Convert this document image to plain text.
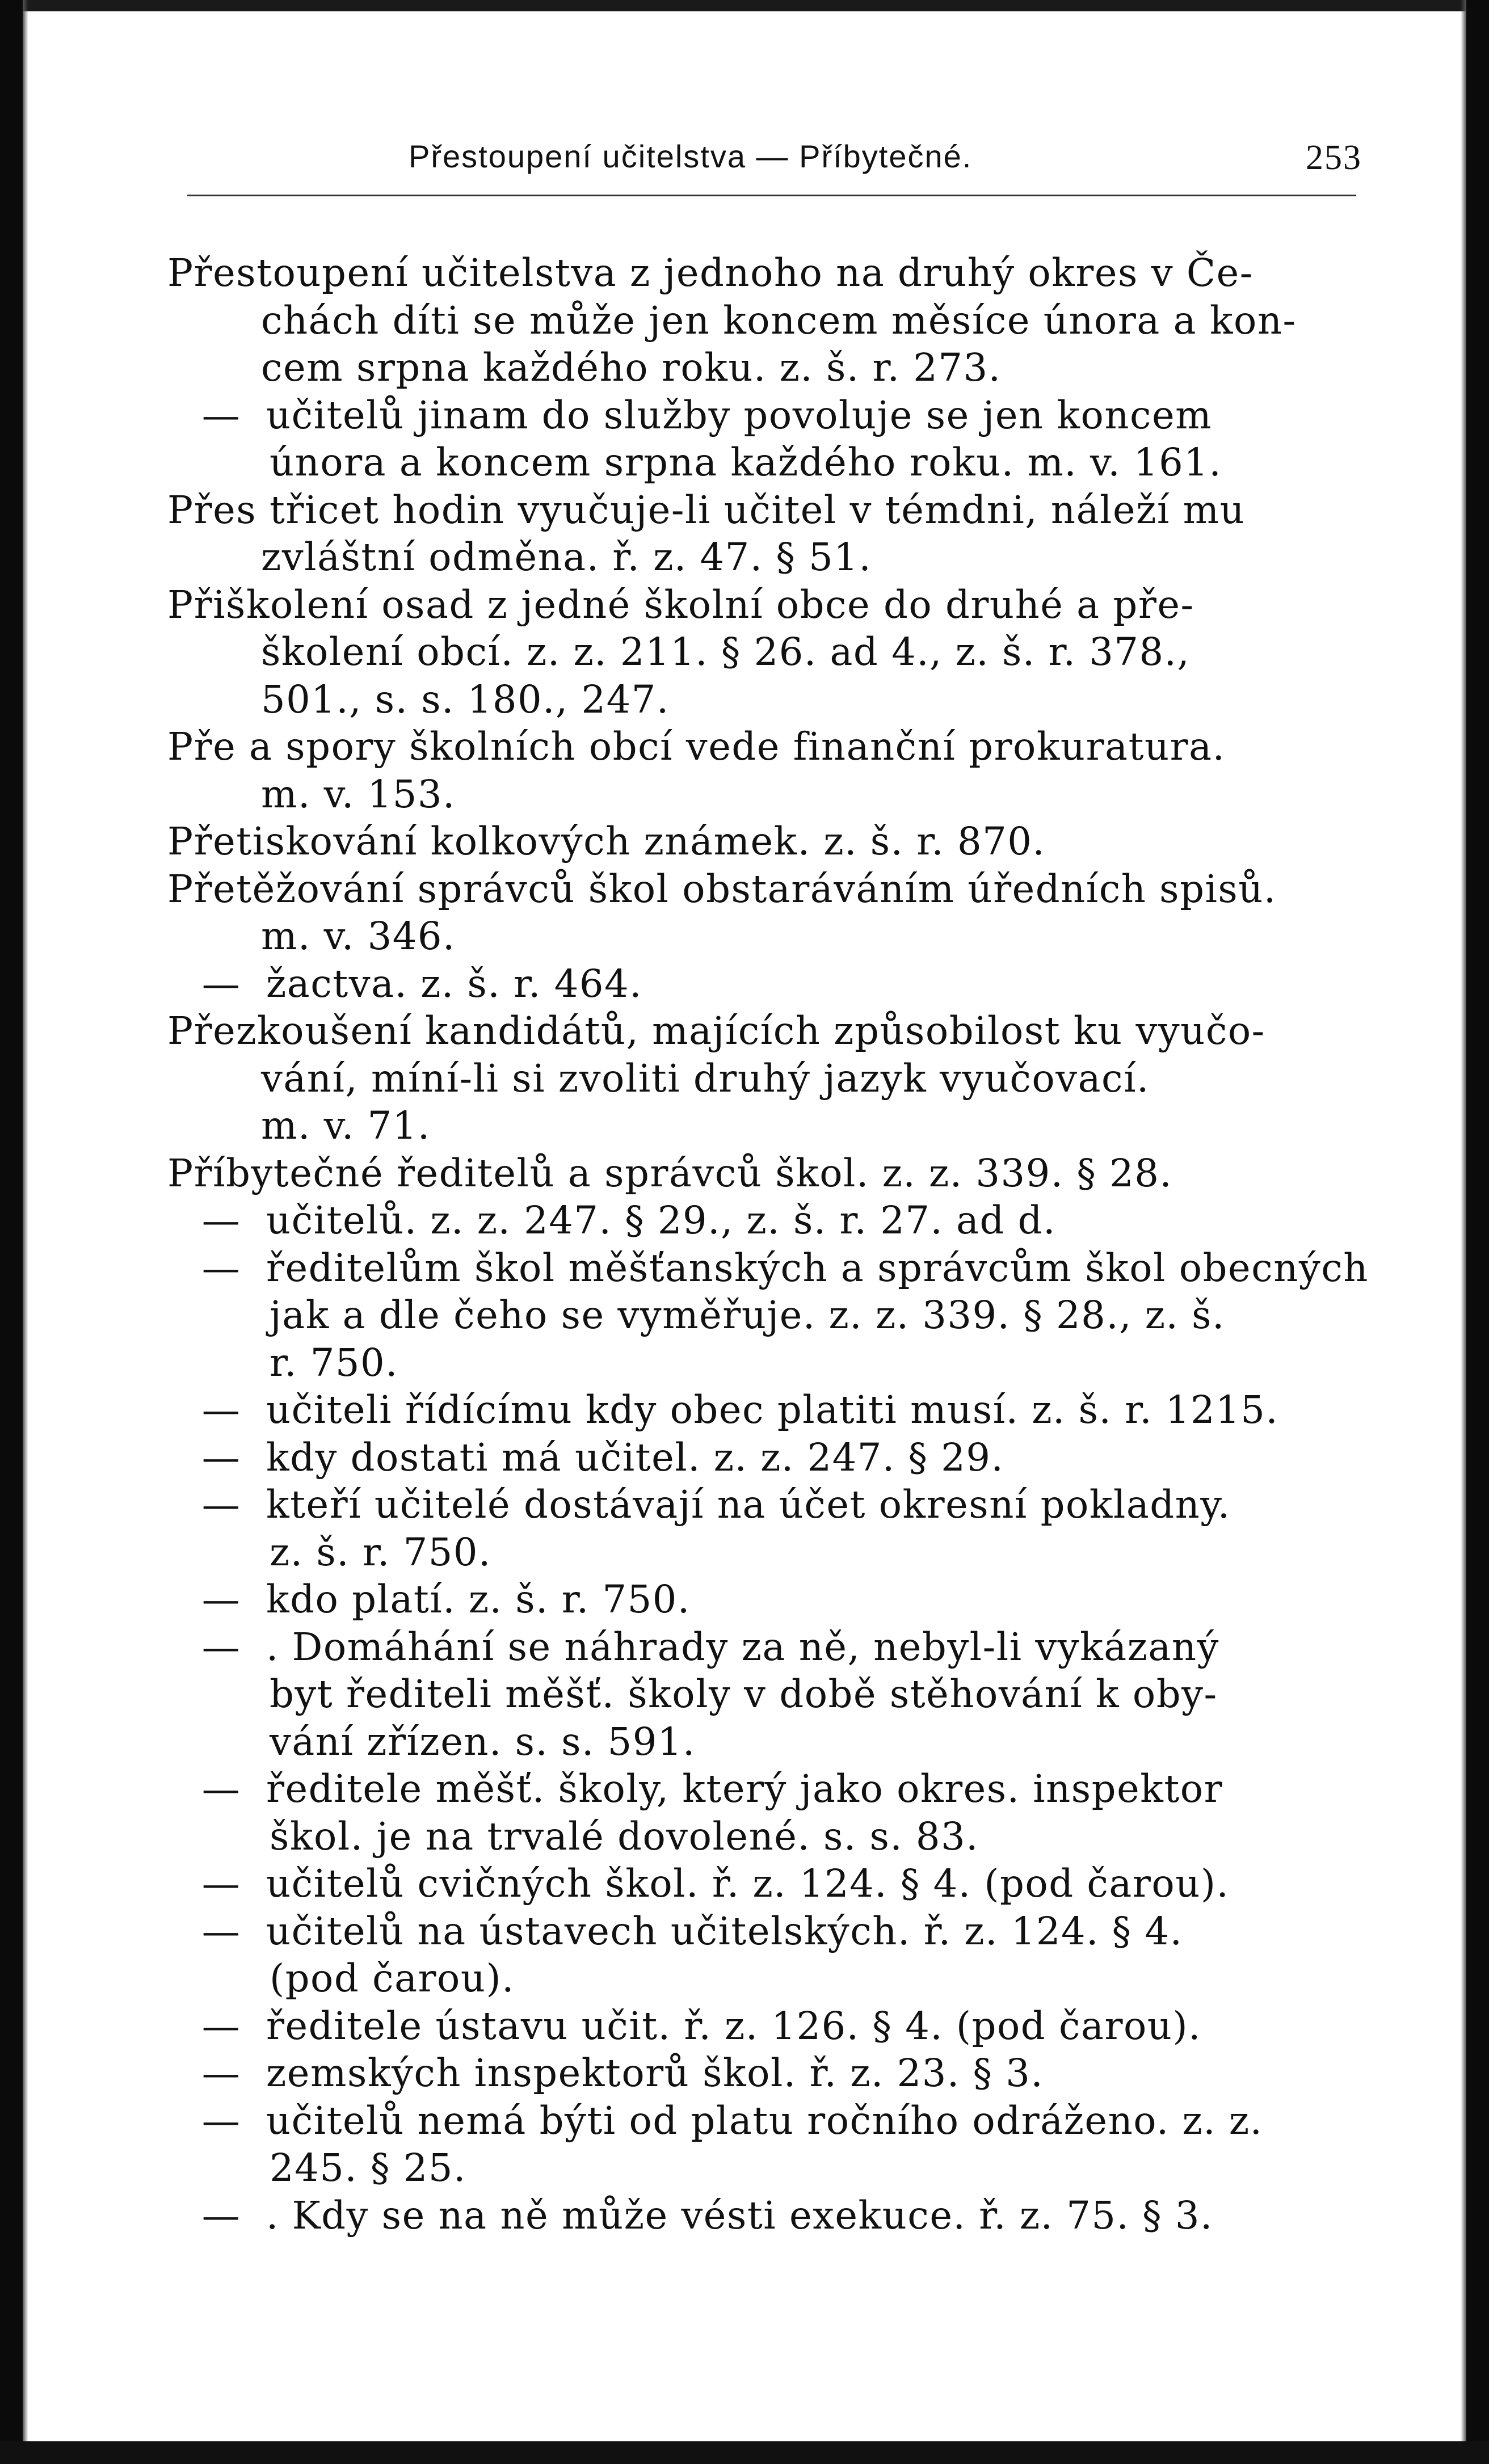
Přestoupení učitelstva — Příbytečné.	253
Přestoupení učitelstva z jednoho na druhý okres v Če-
chách díti se může jen koncem měsíce února a kon-
cem srpna každého roku. z. š. r. 273.
— učitelů jinam do služby povoluje se jen koncem
února a koncem srpna každého roku. m. v. 161.
Přes třicet hodin vyučuje-li učitel v témdni, náleží mu
zvláštní odměna. ř. z. 47. § 51.
Přiškolení osad z jedné školní obce do druhé a pře-
školení obcí. z. z. 211. § 26. ad 4., z. š. r. 378.,
501., s. s. 180., 247.
Pře a spory školních obcí vede finanční prokuratura.
m. v. 153.
Přetiskování kolkových známek. z. š. r. 870.
Přetěžování správců škol obstaráváním úředních spisů.
m. v. 346.
— žactva. z. š. r. 464.
Přezkoušení kandidátů, majících způsobilost ku vyučo-
vání, míní-li si zvoliti druhý jazyk vyučovací.
m. v. 71.
Příbytečné ředitelů a správců škol. z. z. 339. § 28.
— učitelů. z. z. 247. § 29., z. š. r. 27. ad d.
— ředitelům škol měšťanských a správcům škol obecných
jak a dle čeho se vyměřuje. z. z. 339. § 28., z. š.
r. 750.
— učiteli řídícímu kdy obec platiti musí. z. š. r. 1215.
— kdy dostati má učitel. z. z. 247. § 29.
— kteří učitelé dostávají na účet okresní pokladny.
z. š. r. 750.
— kdo platí. z. š. r. 750.
— . Domáhání se náhrady za ně, nebyl-li vykázaný
byt řediteli měšť. školy v době stěhování k oby-
vání zřízen. s. s. 591.
— ředitele měšť. školy, který jako okres. inspektor
škol. je na trvalé dovolené. s. s. 83.
— učitelů cvičných škol. ř. z. 124. § 4. (pod čarou).
— učitelů na ústavech učitelských. ř. z. 124. § 4.
(pod čarou).
— ředitele ústavu učit. ř. z. 126. § 4. (pod čarou).
— zemských inspektorů škol. ř. z. 23. § 3.
— učitelů nemá býti od platu ročního odráženo. z. z.
245. § 25.
— . Kdy se na ně může vésti exekuce. ř. z. 75. § 3.
